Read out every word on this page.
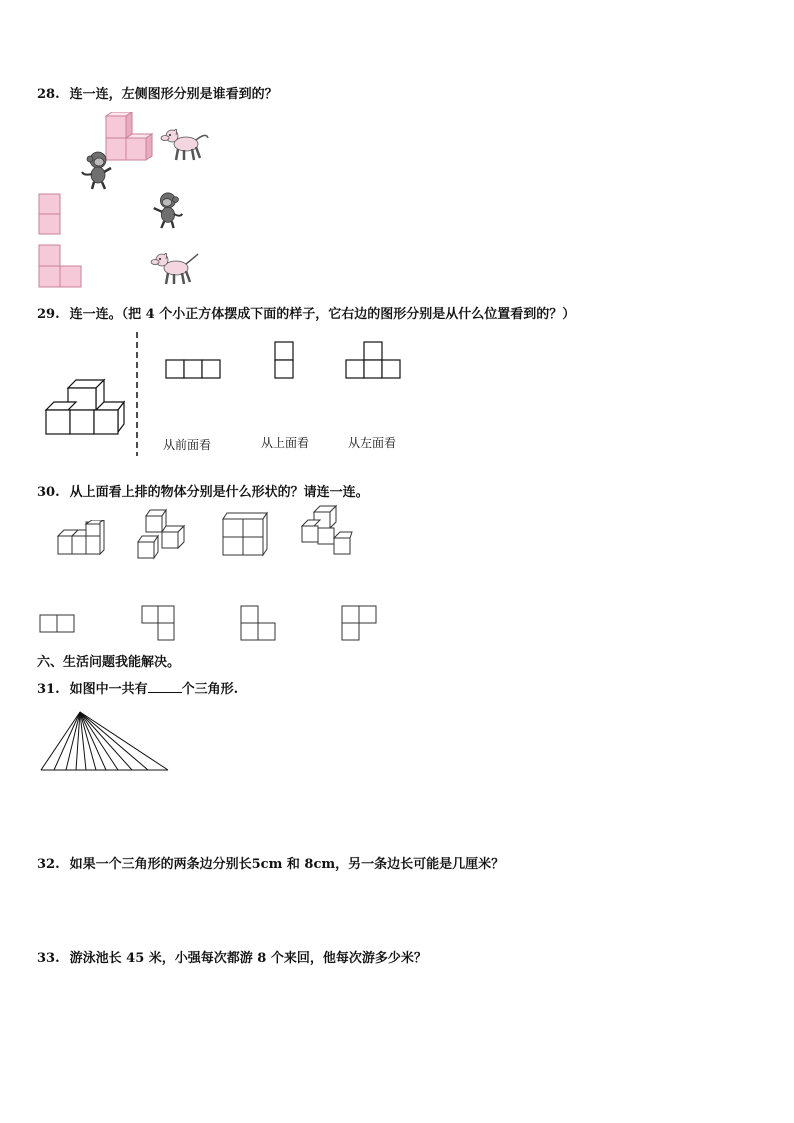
28. 连一连，左侧图形分别是谁看到的？
29. 连一连。（把 4 个小正方体摆成下面的样子，它右边的图形分别是从什么位置看到的？）
从前面看	从上面看	从左面看
30. 从上面看上排的物体分别是什么形状的？请连一连。
六、生活问题我能解决。
31. 如图中一共有	个三角形.
32. 如果一个三角形的两条边分别长5cm 和 8cm，另一条边长可能是几厘米？
33. 游泳池长 45 米，小强每次都游 8 个来回，他每次游多少米？
